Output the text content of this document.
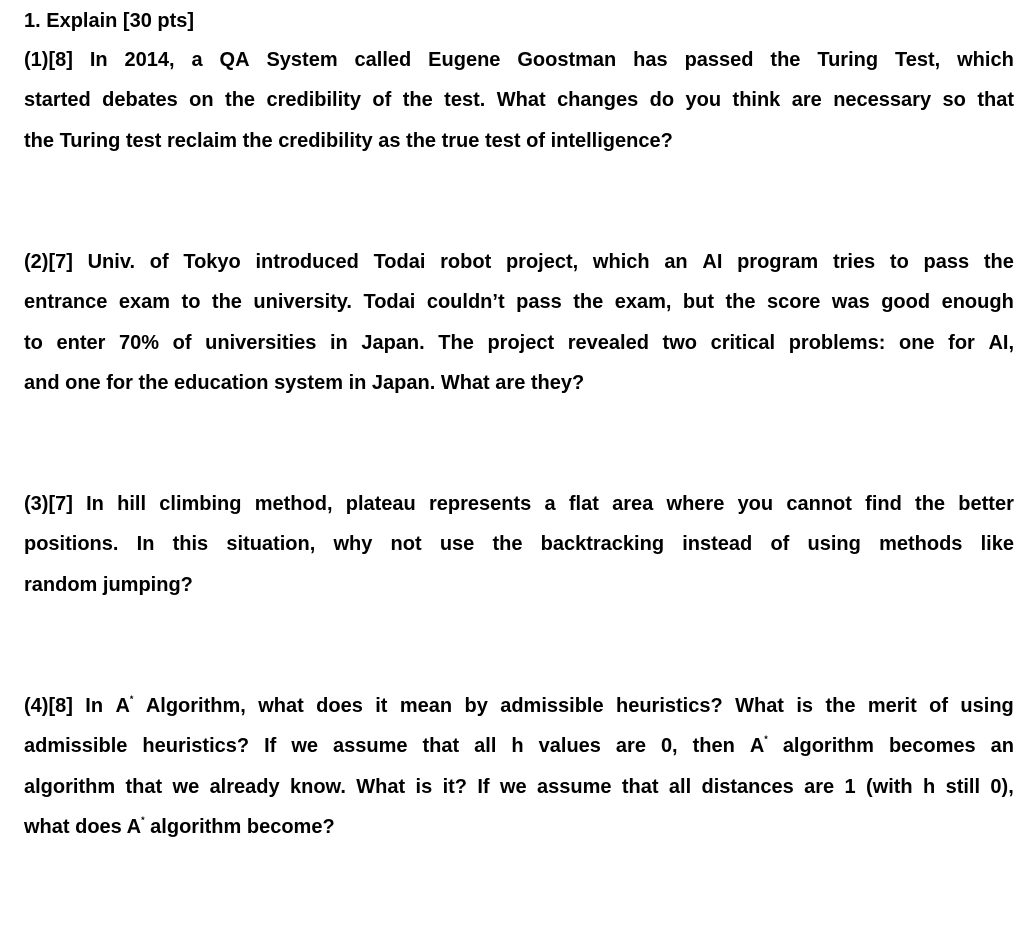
1. Explain [30 pts]
(1)[8] In 2014, a QA System called Eugene Goostman has passed the Turing Test, which
started debates on the credibility of the test. What changes do you think are necessary so that
the Turing test reclaim the credibility as the true test of intelligence?
(2)[7] Univ. of Tokyo introduced Todai robot project, which an AI program tries to pass the
entrance exam to the university. Todai couldn’t pass the exam, but the score was good enough
to enter 70% of universities in Japan. The project revealed two critical problems: one for AI,
and one for the education system in Japan. What are they?
(3)[7] In hill climbing method, plateau represents a flat area where you cannot find the better
positions. In this situation, why not use the backtracking instead of using methods like
random jumping?
(4)[8] In A* Algorithm, what does it mean by admissible heuristics? What is the merit of using
admissible heuristics? If we assume that all h values are 0, then A* algorithm becomes an
algorithm that we already know. What is it? If we assume that all distances are 1 (with h still 0),
what does A* algorithm become?
